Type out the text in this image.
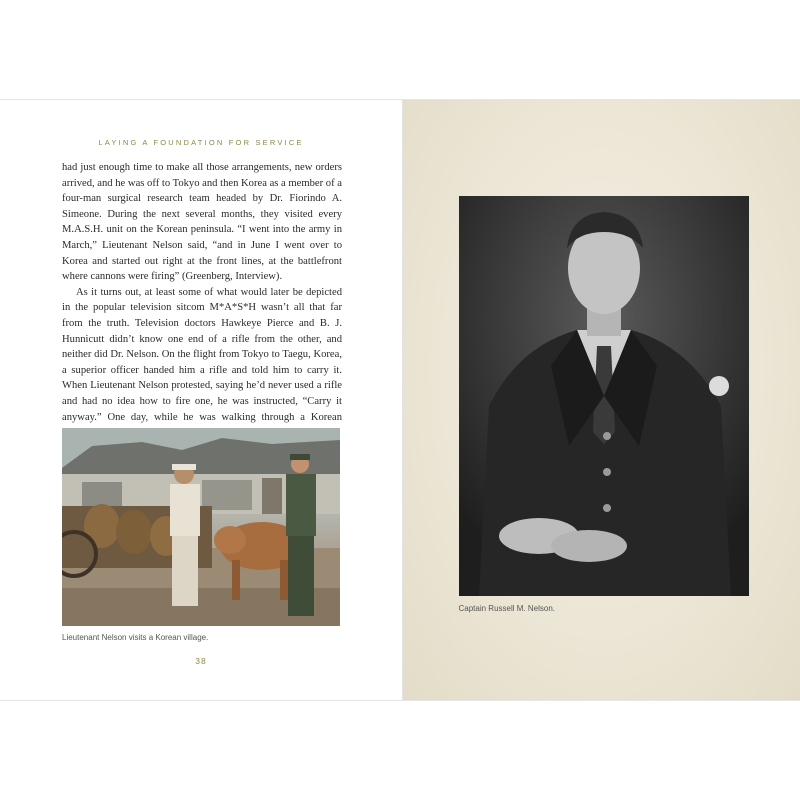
LAYING A FOUNDATION FOR SERVICE

had just enough time to make all those arrangements, new orders arrived, and he was off to Tokyo and then Korea as a member of a four-man surgical research team headed by Dr. Fiorindo A. Simeone. During the next several months, they visited every M.A.S.H. unit on the Korean peninsula. “I went into the army in March,” Lieutenant Nelson said, “and in June I went over to Korea and started out right at the front lines, at the battlefront where cannons were firing” (Greenberg, Interview).

As it turns out, at least some of what would later be depicted in the popular television sitcom M*A*S*H wasn’t all that far from the truth. Television doctors Hawkeye Pierce and B. J. Hunnicutt didn’t know one end of a rifle from the other, and neither did Dr. Nelson. On the flight from Tokyo to Taegu, Korea, a superior officer handed him a rifle and told him to carry it. When Lieutenant Nelson protested, saying he’d never used a rifle and had no idea how to fire one, he was instructed, “Carry it anyway.” One day, while he was walking through a Korean

Lieutenant Nelson visits a Korean village.
38
Captain Russell M. Nelson.
